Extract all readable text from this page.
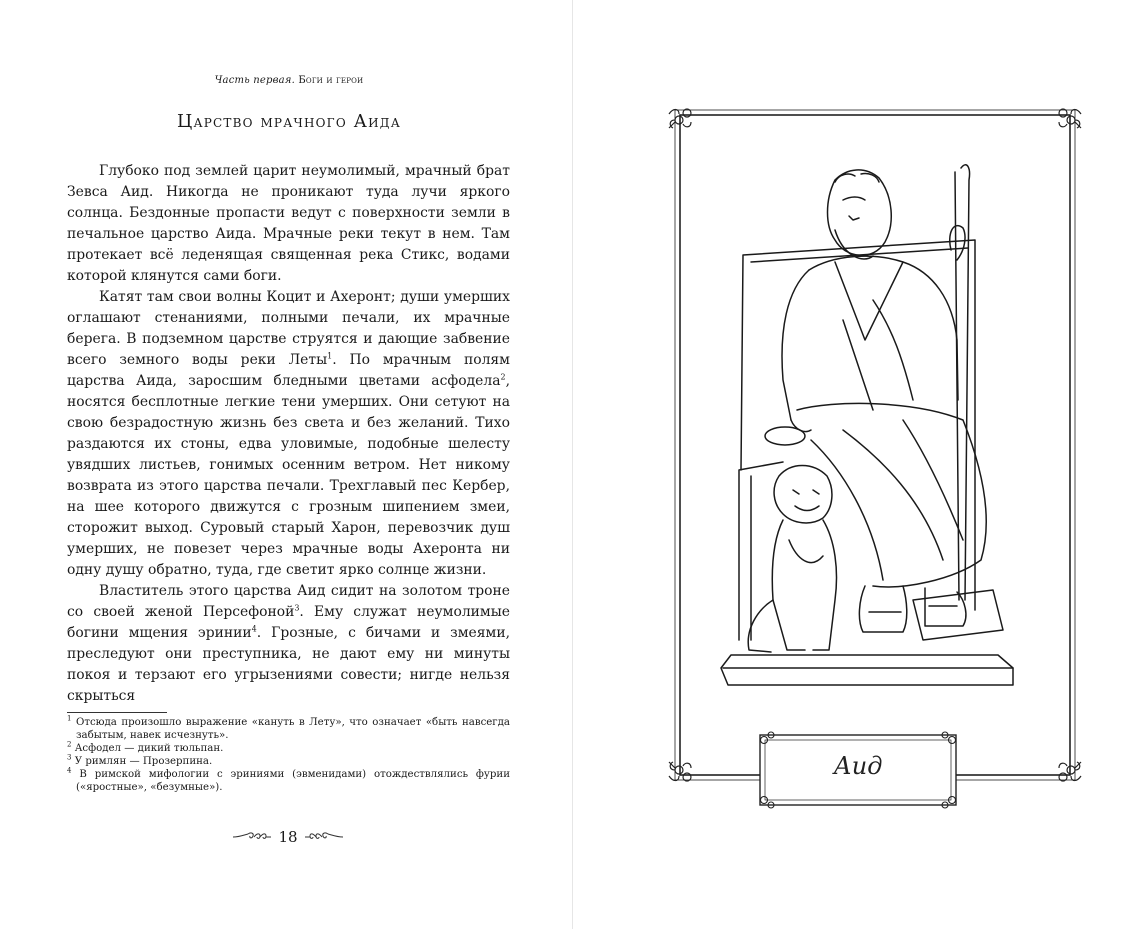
Часть первая. Боги и герои
Царство мрачного Аида

Глубоко под землей царит неумолимый, мрачный брат Зевса Аид. Никогда не проникают туда лучи яркого солнца. Бездонные пропасти ведут с поверхности земли в печальное царство Аида. Мрачные реки текут в нем. Там протекает всё леденящая священная река Стикс, водами которой клянутся сами боги.

Катят там свои волны Коцит и Ахеронт; души умерших оглашают стенаниями, полными печали, их мрачные берега. В подземном царстве струятся и дающие забвение всего земного воды реки Леты$^1$. По мрачным полям царства Аида, заросшим бледными цветами асфодела$^2$, носятся бесплотные легкие тени умерших. Они сетуют на свою безрадостную жизнь без света и без желаний. Тихо раздаются их стоны, едва уловимые, подобные шелесту увядших листьев, гонимых осенним ветром. Нет никому возврата из этого царства печали. Трехглавый пес Кербер, на шее которого движутся с грозным шипением змеи, сторожит выход. Суровый старый Харон, перевозчик душ умерших, не повезет через мрачные воды Ахеронта ни одну душу обратно, туда, где светит ярко солнце жизни.

Властитель этого царства Аид сидит на золотом троне со своей женой Персефоной$^3$. Ему служат неумолимые богини мщения эринии$^4$. Грозные, с бичами и змеями, преследуют они преступника, не дают ему ни минуты покоя и терзают его угрызениями совести; нигде нельзя скрыться

$^1$ Отсюда произошло выражение «кануть в Лету», что означает «быть навсегда забытым, навек исчезнуть».

$^2$ Асфодел — дикий тюльпан.

$^3$ У римлян — Прозерпина.

$^4$ В римской мифологии с эриниями (эвменидами) отождествлялись фурии («яростные», «безумные»).

18
Аид
